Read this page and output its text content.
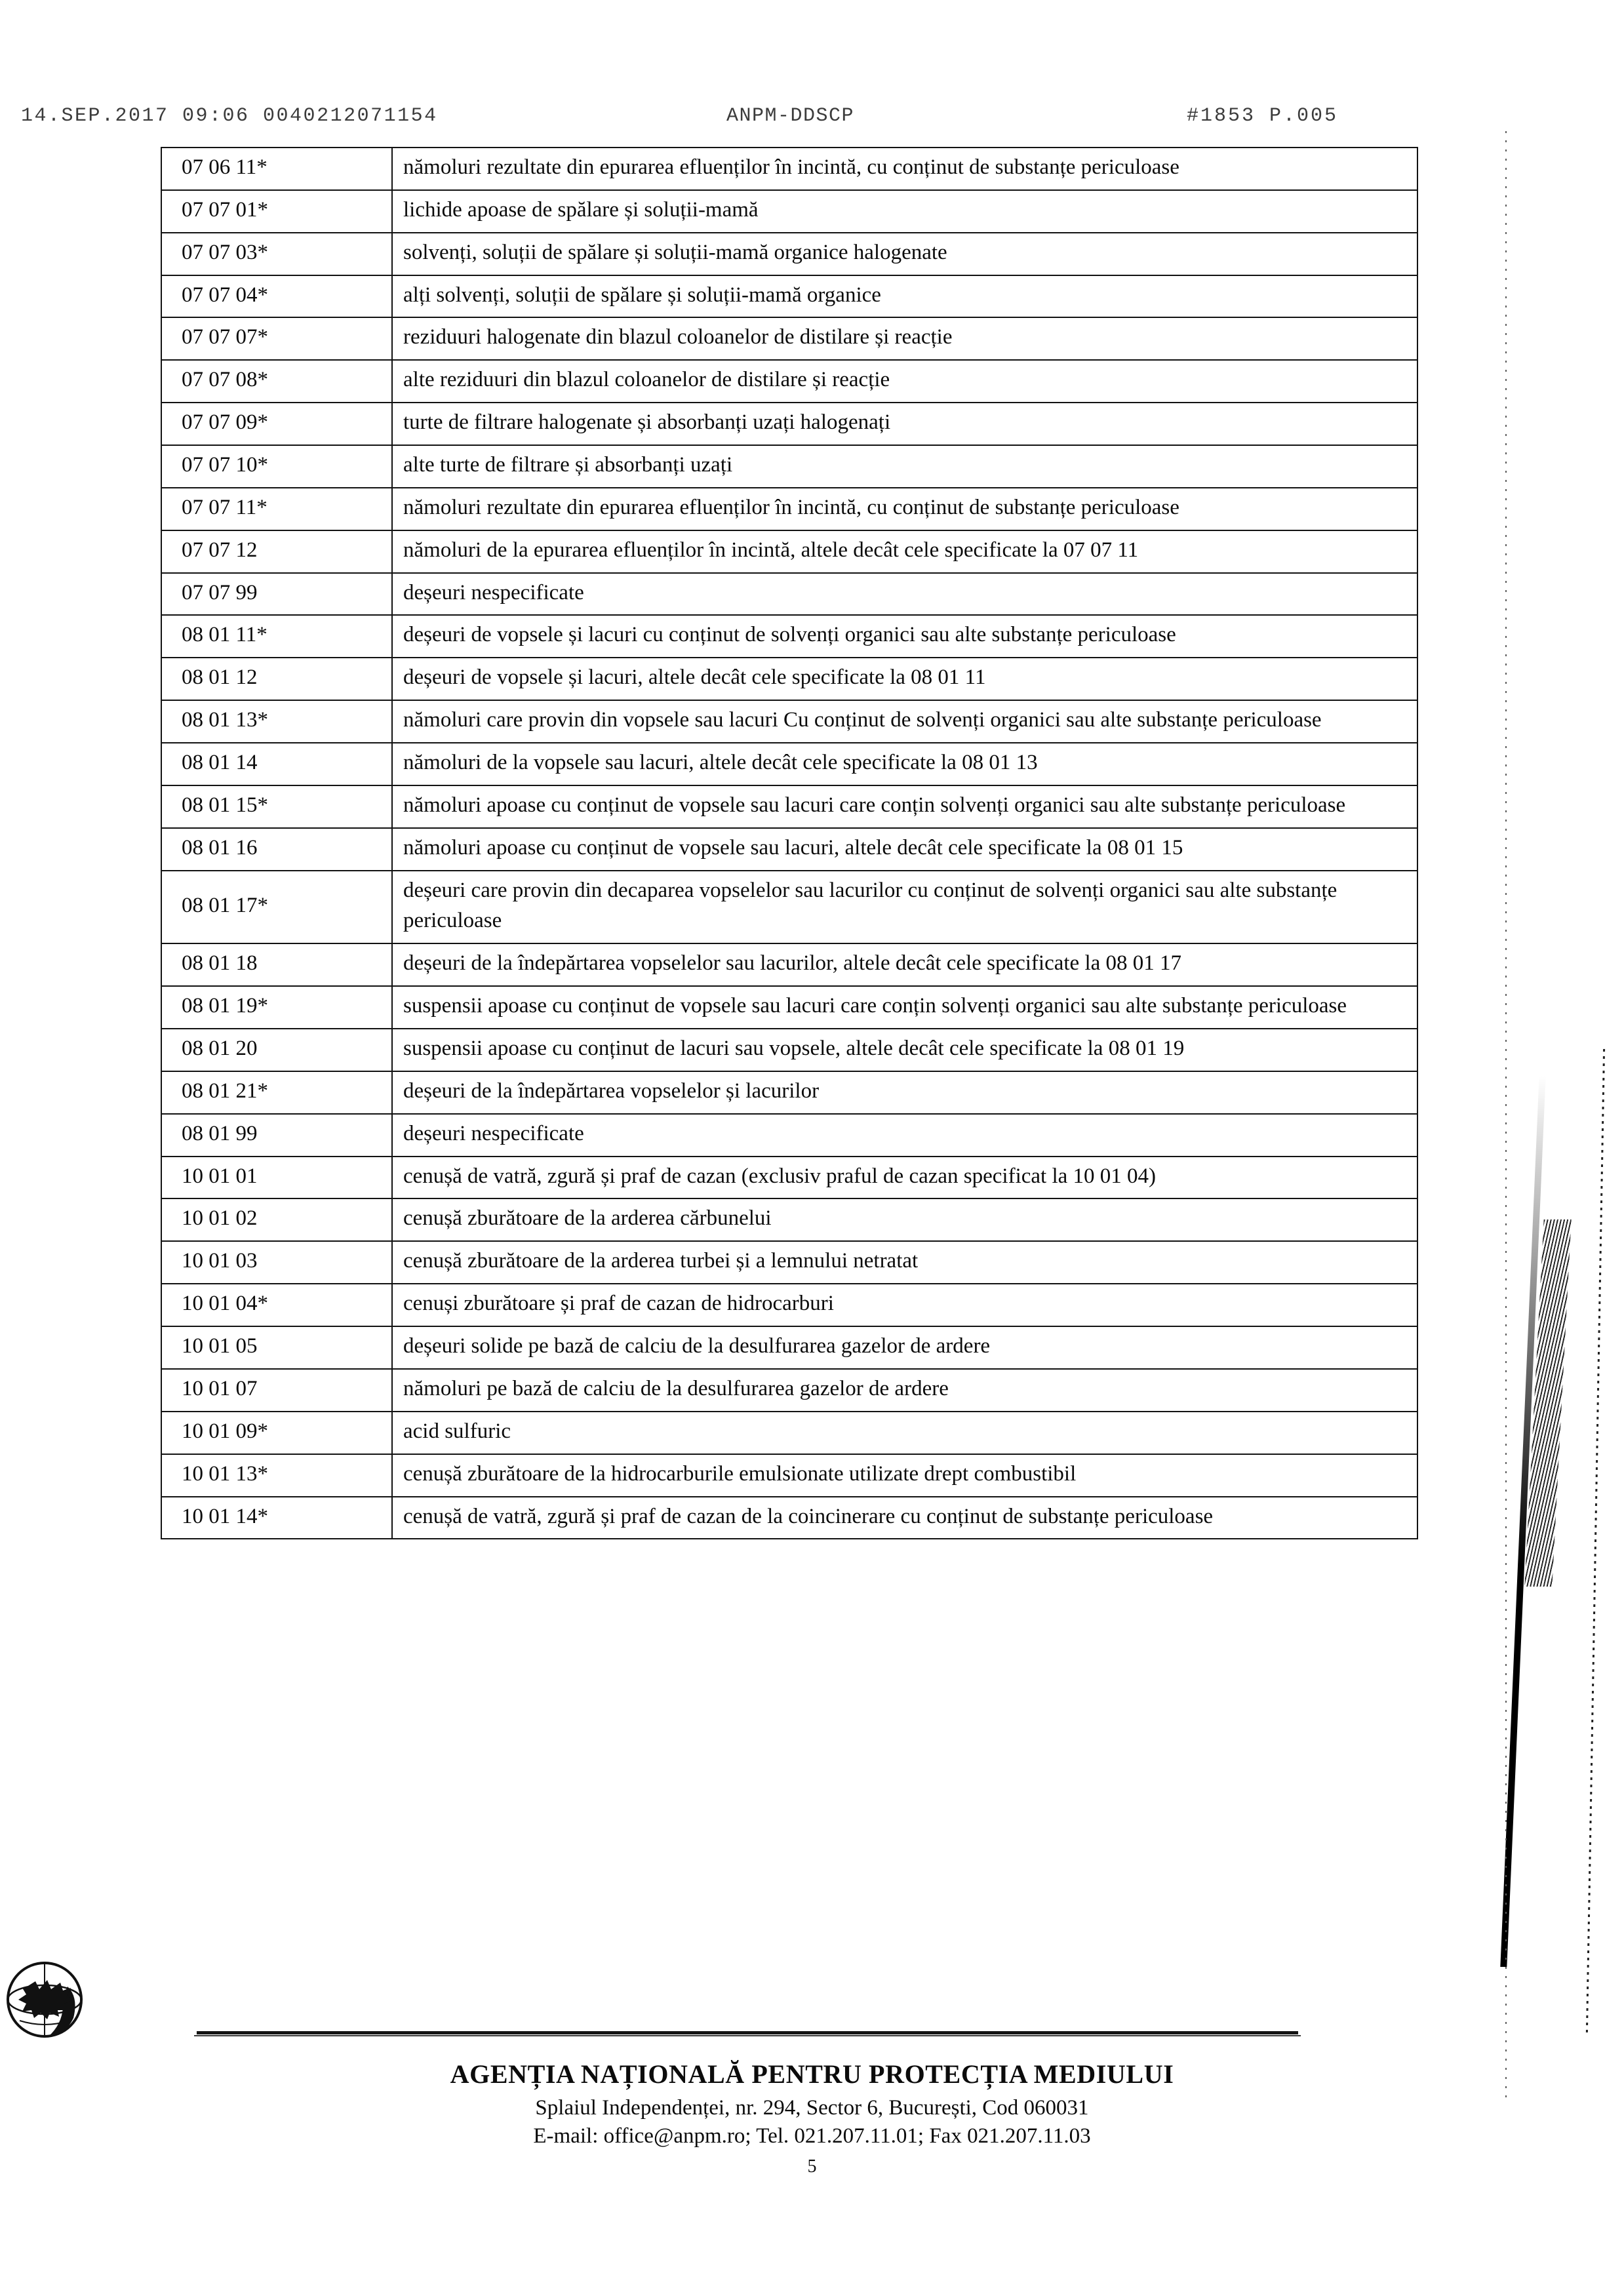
14.SEP.2017 09:06 0040212071154	ANPM-DDSCP	#1853 P.005
07 06 11*	nămoluri rezultate din epurarea efluenților în incintă, cu conținut de substanțe periculoase
07 07 01*	lichide apoase de spălare și soluții-mamă
07 07 03*	solvenți, soluții de spălare și soluții-mamă organice halogenate
07 07 04*	alți solvenți, soluții de spălare și soluții-mamă organice
07 07 07*	reziduuri halogenate din blazul coloanelor de distilare și reacție
07 07 08*	alte reziduuri din blazul coloanelor de distilare și reacție
07 07 09*	turte de filtrare halogenate și absorbanți uzați halogenați
07 07 10*	alte turte de filtrare și absorbanți uzați
07 07 11*	nămoluri rezultate din epurarea efluenților în incintă, cu conținut de substanțe periculoase
07 07 12	nămoluri de la epurarea efluenților în incintă, altele decât cele specificate la 07 07 11
07 07 99	deșeuri nespecificate
08 01 11*	deșeuri de vopsele și lacuri cu conținut de solvenți organici sau alte substanțe periculoase
08 01 12	deșeuri de vopsele și lacuri, altele decât cele specificate la 08 01 11
08 01 13*	nămoluri care provin din vopsele sau lacuri Cu conținut de solvenți organici sau alte substanțe periculoase
08 01 14	nămoluri de la vopsele sau lacuri, altele decât cele specificate la 08 01 13
08 01 15*	nămoluri apoase cu conținut de vopsele sau lacuri care conțin solvenți organici sau alte substanțe periculoase
08 01 16	nămoluri apoase cu conținut de vopsele sau lacuri, altele decât cele specificate la 08 01 15
08 01 17*	deșeuri care provin din decaparea vopselelor sau lacurilor cu conținut de solvenți organici sau alte substanțe periculoase
08 01 18	deșeuri de la îndepărtarea vopselelor sau lacurilor, altele decât cele specificate la 08 01 17
08 01 19*	suspensii apoase cu conținut de vopsele sau lacuri care conțin solvenți organici sau alte substanțe periculoase
08 01 20	suspensii apoase cu conținut de lacuri sau vopsele, altele decât cele specificate la 08 01 19
08 01 21*	deșeuri de la îndepărtarea vopselelor și lacurilor
08 01 99	deșeuri nespecificate
10 01 01	cenușă de vatră, zgură și praf de cazan (exclusiv praful de cazan specificat la 10 01 04)
10 01 02	cenușă zburătoare de la arderea cărbunelui
10 01 03	cenușă zburătoare de la arderea turbei și a lemnului netratat
10 01 04*	cenuși zburătoare și praf de cazan de hidrocarburi
10 01 05	deșeuri solide pe bază de calciu de la desulfurarea gazelor de ardere
10 01 07	nămoluri pe bază de calciu de la desulfurarea gazelor de ardere
10 01 09*	acid sulfuric
10 01 13*	cenușă zburătoare de la hidrocarburile emulsionate utilizate drept combustibil
10 01 14*	cenușă de vatră, zgură și praf de cazan de la coincinerare cu conținut de substanțe periculoase
AGENȚIA NAȚIONALĂ PENTRU PROTECȚIA MEDIULUI
Splaiul Independenței, nr. 294, Sector 6, București, Cod 060031
E-mail: office@anpm.ro; Tel. 021.207.11.01; Fax 021.207.11.03
5
